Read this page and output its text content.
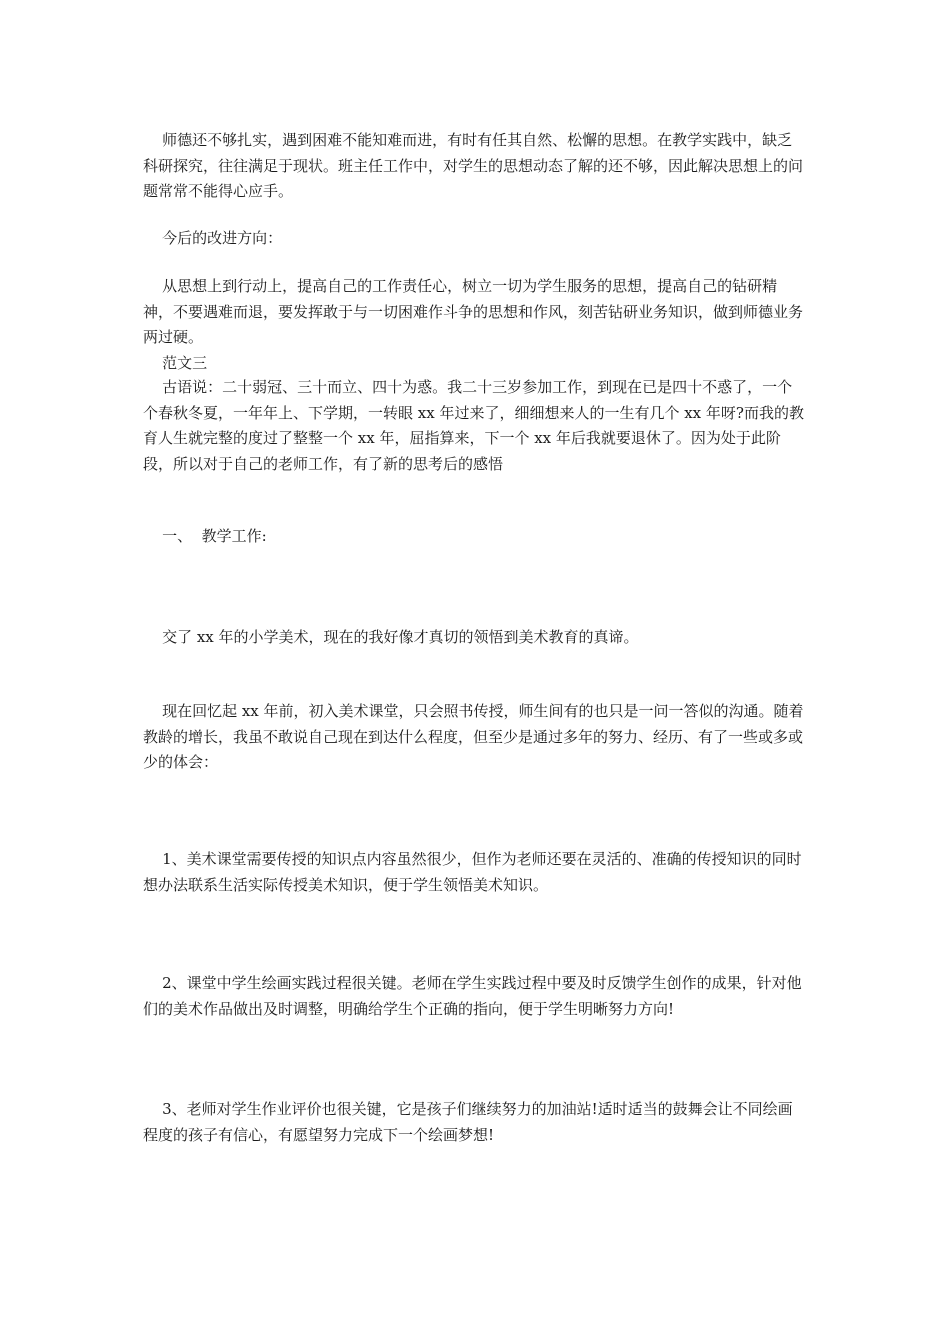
师德还不够扎实，遇到困难不能知难而进，有时有任其自然、松懈的思想。在教学实践中，缺乏科研探究，往往满足于现状。班主任工作中，对学生的思想动态了解的还不够，因此解决思想上的问题常常不能得心应手。

今后的改进方向：

从思想上到行动上，提高自己的工作责任心，树立一切为学生服务的思想，提高自己的钻研精神，不要遇难而退，要发挥敢于与一切困难作斗争的思想和作风，刻苦钻研业务知识，做到师德业务两过硬。

范文三

古语说：二十弱冠、三十而立、四十为惑。我二十三岁参加工作，到现在已是四十不惑了，一个个春秋冬夏，一年年上、下学期，一转眼 xx 年过来了，细细想来人的一生有几个 xx 年呀?而我的教育人生就完整的度过了整整一个 xx 年，屈指算来，下一个 xx 年后我就要退休了。因为处于此阶段，所以对于自己的老师工作，有了新的思考后的感悟

一、  教学工作:

交了 xx 年的小学美术，现在的我好像才真切的领悟到美术教育的真谛。

现在回忆起 xx 年前，初入美术课堂，只会照书传授，师生间有的也只是一问一答似的沟通。随着教龄的增长，我虽不敢说自己现在到达什么程度，但至少是通过多年的努力、经历、有了一些或多或少的体会：

1、美术课堂需要传授的知识点内容虽然很少，但作为老师还要在灵活的、准确的传授知识的同时想办法联系生活实际传授美术知识，便于学生领悟美术知识。

2、课堂中学生绘画实践过程很关键。老师在学生实践过程中要及时反馈学生创作的成果，针对他们的美术作品做出及时调整，明确给学生个正确的指向，便于学生明晰努力方向!

3、老师对学生作业评价也很关键，它是孩子们继续努力的加油站!适时适当的鼓舞会让不同绘画程度的孩子有信心，有愿望努力完成下一个绘画梦想!
